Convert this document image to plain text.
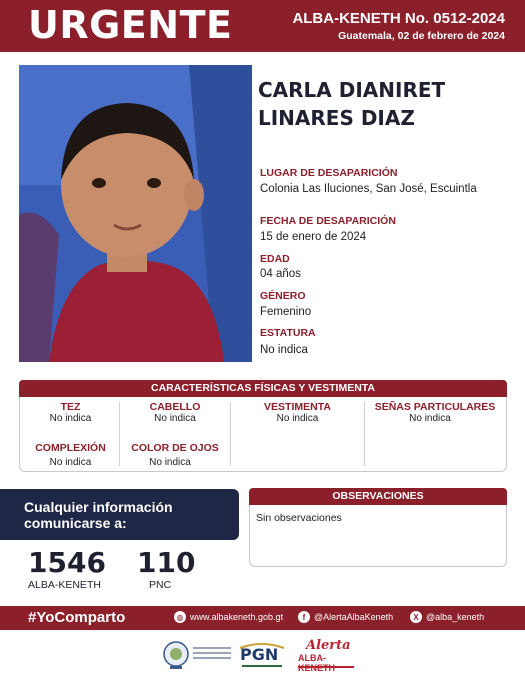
URGENTE	ALBA-KENETH No. 0512-2024
Guatemala, 02 de febrero de 2024
CARLA DIANIRET
LINARES DIAZ
LUGAR DE DESAPARICIÓN
Colonia Las Iluciones, San José, Escuintla
FECHA DE DESAPARICIÓN
15 de enero de 2024
EDAD
04 años
GÉNERO
Femenino
ESTATURA
No indica
CARACTERÍSTICAS FÍSICAS Y VESTIMENTA
TEZ
No indica
CABELLO
No indica
VESTIMENTA
No indica
SEÑAS PARTICULARES
No indica
COMPLEXIÓN
No indica
COLOR DE OJOS
No indica
Cualquier información
comunicarse a:
1546
ALBA-KENETH
110
PNC
OBSERVACIONES
Sin observaciones
#YoComparto	◍ www.albakeneth.gob.gt	f @AlertaAlbaKeneth	X @alba_keneth
PGN Alerta
ALBA-
